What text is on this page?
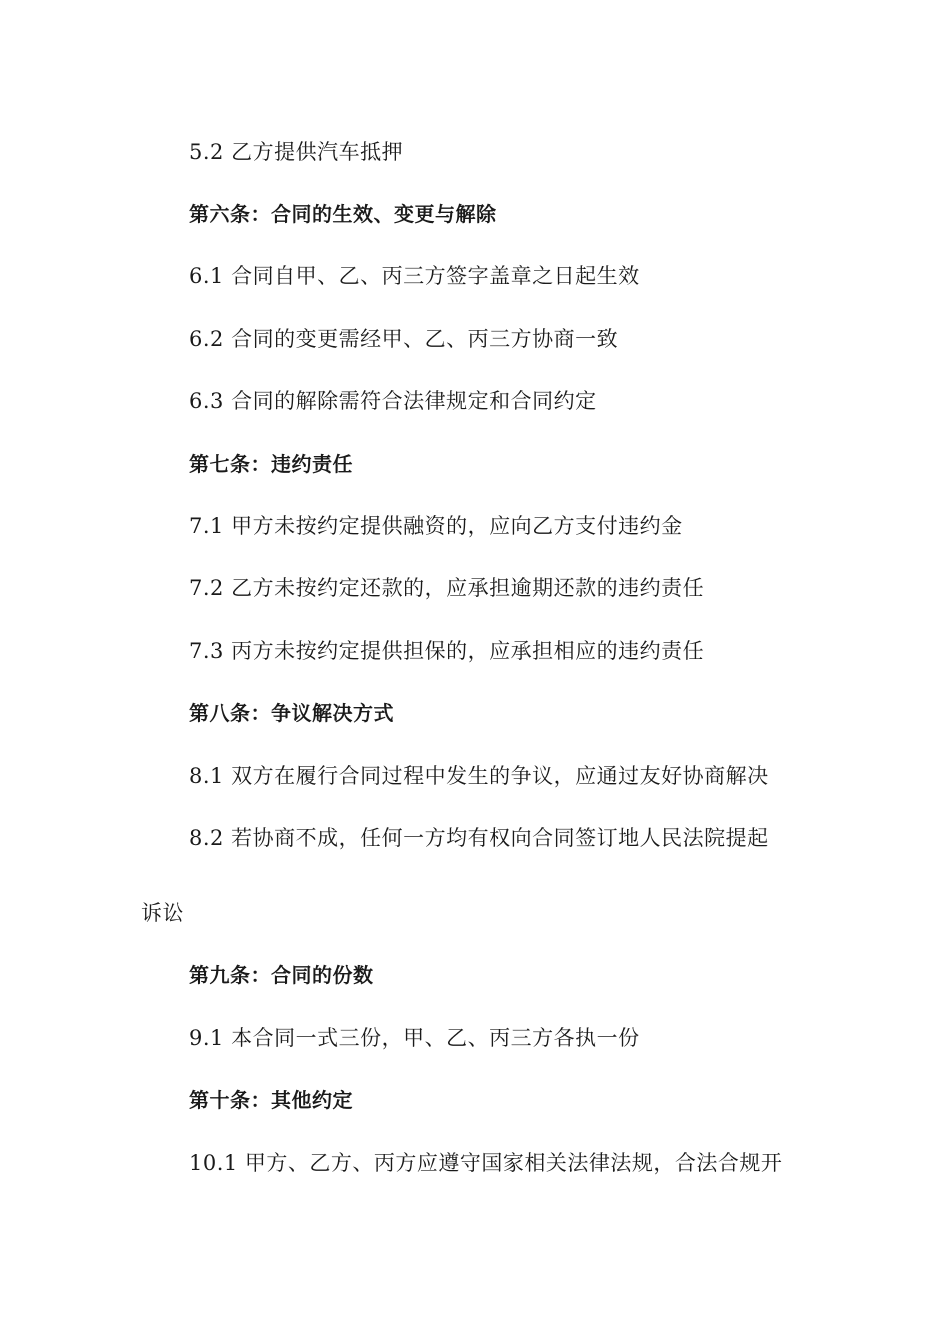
5.2 乙方提供汽车抵押
第六条：合同的生效、变更与解除
6.1 合同自甲、乙、丙三方签字盖章之日起生效
6.2 合同的变更需经甲、乙、丙三方协商一致
6.3 合同的解除需符合法律规定和合同约定
第七条：违约责任
7.1 甲方未按约定提供融资的，应向乙方支付违约金
7.2 乙方未按约定还款的，应承担逾期还款的违约责任
7.3 丙方未按约定提供担保的，应承担相应的违约责任
第八条：争议解决方式
8.1 双方在履行合同过程中发生的争议，应通过友好协商解决
8.2 若协商不成，任何一方均有权向合同签订地人民法院提起
诉讼
第九条：合同的份数
9.1 本合同一式三份，甲、乙、丙三方各执一份
第十条：其他约定
10.1 甲方、乙方、丙方应遵守国家相关法律法规，合法合规开
